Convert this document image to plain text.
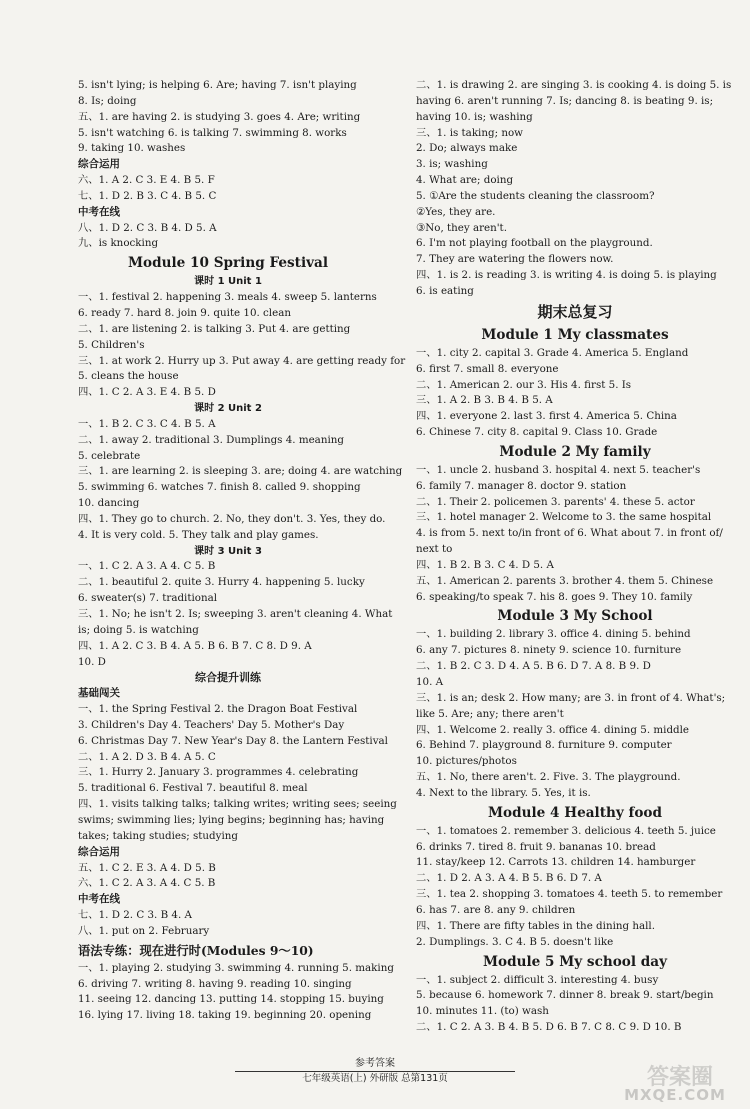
5. isn't lying; is helping 6. Are; having 7. isn't playing
8. Is; doing
五、1. are having 2. is studying 3. goes 4. Are; writing
5. isn't watching 6. is talking 7. swimming 8. works
9. taking 10. washes
综合运用
六、1. A 2. C 3. E 4. B 5. F
七、1. D 2. B 3. C 4. B 5. C
中考在线
八、1. D 2. C 3. B 4. D 5. A
九、is knocking
Module 10 Spring Festival
课时 1 Unit 1
一、1. festival 2. happening 3. meals 4. sweep 5. lanterns
6. ready 7. hard 8. join 9. quite 10. clean
二、1. are listening 2. is talking 3. Put 4. are getting
5. Children's
三、1. at work 2. Hurry up 3. Put away 4. are getting ready for
5. cleans the house
四、1. C 2. A 3. E 4. B 5. D
课时 2 Unit 2
一、1. B 2. C 3. C 4. B 5. A
二、1. away 2. traditional 3. Dumplings 4. meaning
5. celebrate
三、1. are learning 2. is sleeping 3. are; doing 4. are watching
5. swimming 6. watches 7. finish 8. called 9. shopping
10. dancing
四、1. They go to church. 2. No, they don't. 3. Yes, they do.
4. It is very cold. 5. They talk and play games.
课时 3 Unit 3
一、1. C 2. A 3. A 4. C 5. B
二、1. beautiful 2. quite 3. Hurry 4. happening 5. lucky
6. sweater(s) 7. traditional
三、1. No; he isn't 2. Is; sweeping 3. aren't cleaning 4. What
is; doing 5. is watching
四、1. A 2. C 3. B 4. A 5. B 6. B 7. C 8. D 9. A
10. D
综合提升训练
基础闯关
一、1. the Spring Festival 2. the Dragon Boat Festival
3. Children's Day 4. Teachers' Day 5. Mother's Day
6. Christmas Day 7. New Year's Day 8. the Lantern Festival
二、1. A 2. D 3. B 4. A 5. C
三、1. Hurry 2. January 3. programmes 4. celebrating
5. traditional 6. Festival 7. beautiful 8. meal
四、1. visits talking talks; talking writes; writing sees; seeing
swims; swimming lies; lying begins; beginning has; having
takes; taking studies; studying
综合运用
五、1. C 2. E 3. A 4. D 5. B
六、1. C 2. A 3. A 4. C 5. B
中考在线
七、1. D 2. C 3. B 4. A
八、1. put on 2. February
语法专练：现在进行时(Modules 9～10)
一、1. playing 2. studying 3. swimming 4. running 5. making
6. driving 7. writing 8. having 9. reading 10. singing
11. seeing 12. dancing 13. putting 14. stopping 15. buying
16. lying 17. living 18. taking 19. beginning 20. opening
二、1. is drawing 2. are singing 3. is cooking 4. is doing 5. is
having 6. aren't running 7. Is; dancing 8. is beating 9. is;
having 10. is; washing
三、1. is taking; now
2. Do; always make
3. is; washing
4. What are; doing
5. ①Are the students cleaning the classroom?
②Yes, they are.
③No, they aren't.
6. I'm not playing football on the playground.
7. They are watering the flowers now.
四、1. is 2. is reading 3. is writing 4. is doing 5. is playing
6. is eating
期末总复习
Module 1 My classmates
一、1. city 2. capital 3. Grade 4. America 5. England
6. first 7. small 8. everyone
二、1. American 2. our 3. His 4. first 5. Is
三、1. A 2. B 3. B 4. B 5. A
四、1. everyone 2. last 3. first 4. America 5. China
6. Chinese 7. city 8. capital 9. Class 10. Grade
Module 2 My family
一、1. uncle 2. husband 3. hospital 4. next 5. teacher's
6. family 7. manager 8. doctor 9. station
二、1. Their 2. policemen 3. parents' 4. these 5. actor
三、1. hotel manager 2. Welcome to 3. the same hospital
4. is from 5. next to/in front of 6. What about 7. in front of/
next to
四、1. B 2. B 3. C 4. D 5. A
五、1. American 2. parents 3. brother 4. them 5. Chinese
6. speaking/to speak 7. his 8. goes 9. They 10. family
Module 3 My School
一、1. building 2. library 3. office 4. dining 5. behind
6. any 7. pictures 8. ninety 9. science 10. furniture
二、1. B 2. C 3. D 4. A 5. B 6. D 7. A 8. B 9. D
10. A
三、1. is an; desk 2. How many; are 3. in front of 4. What's;
like 5. Are; any; there aren't
四、1. Welcome 2. really 3. office 4. dining 5. middle
6. Behind 7. playground 8. furniture 9. computer
10. pictures/photos
五、1. No, there aren't. 2. Five. 3. The playground.
4. Next to the library. 5. Yes, it is.
Module 4 Healthy food
一、1. tomatoes 2. remember 3. delicious 4. teeth 5. juice
6. drinks 7. tired 8. fruit 9. bananas 10. bread
11. stay/keep 12. Carrots 13. children 14. hamburger
二、1. D 2. A 3. A 4. B 5. B 6. D 7. A
三、1. tea 2. shopping 3. tomatoes 4. teeth 5. to remember
6. has 7. are 8. any 9. children
四、1. There are fifty tables in the dining hall.
2. Dumplings. 3. C 4. B 5. doesn't like
Module 5 My school day
一、1. subject 2. difficult 3. interesting 4. busy
5. because 6. homework 7. dinner 8. break 9. start/begin
10. minutes 11. (to) wash
二、1. C 2. A 3. B 4. B 5. D 6. B 7. C 8. C 9. D 10. B
参考答案
七年级英语(上) 外研版 总第131页	答案圈
MXQE.COM
